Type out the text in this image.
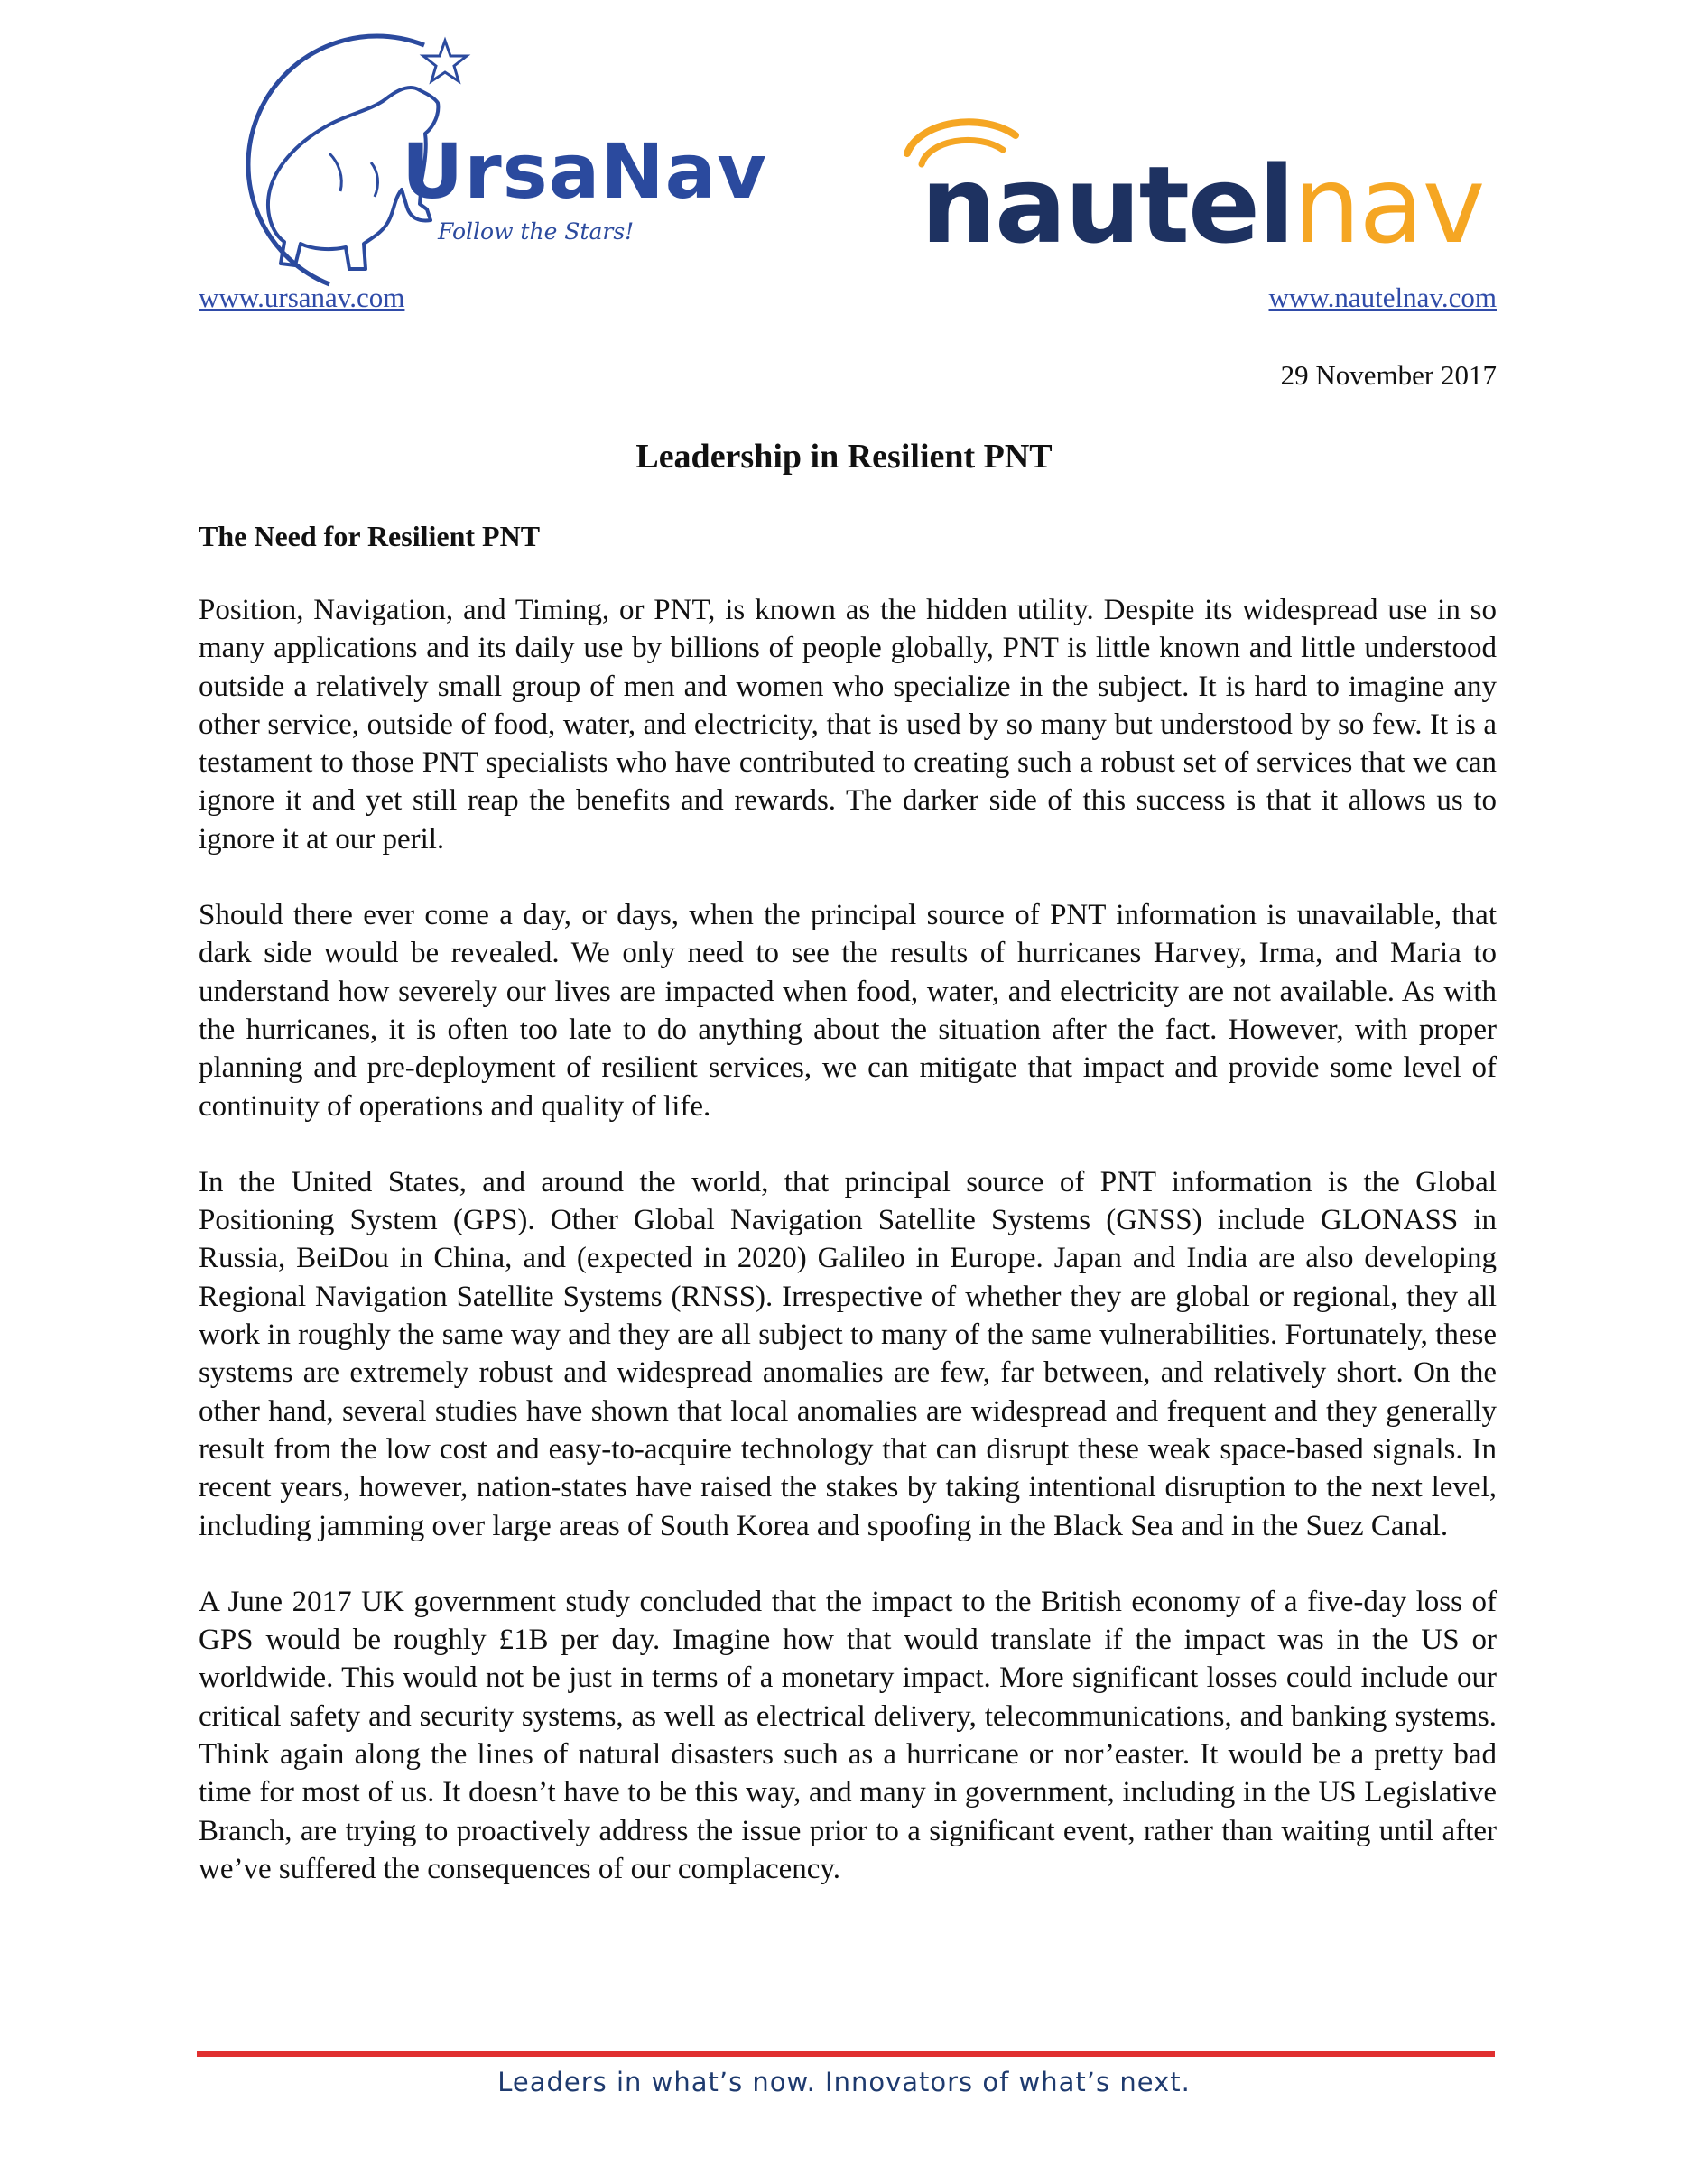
UrsaNav
Follow the Stars!	nautelnav
www.ursanav.com	www.nautelnav.com
29 November 2017
Leadership in Resilient PNT
The Need for Resilient PNT

Position, Navigation, and Timing, or PNT, is known as the hidden utility. Despite its widespread use in so many applications and its daily use by billions of people globally, PNT is little known and little understood outside a relatively small group of men and women who specialize in the subject. It is hard to imagine any other service, outside of food, water, and electricity, that is used by so many but understood by so few. It is a testament to those PNT specialists who have contributed to creating such a robust set of services that we can ignore it and yet still reap the benefits and rewards. The darker side of this success is that it allows us to ignore it at our peril.

Should there ever come a day, or days, when the principal source of PNT information is unavailable, that dark side would be revealed. We only need to see the results of hurricanes Harvey, Irma, and Maria to understand how severely our lives are impacted when food, water, and electricity are not available. As with the hurricanes, it is often too late to do anything about the situation after the fact. However, with proper planning and pre-deployment of resilient services, we can mitigate that impact and provide some level of continuity of operations and quality of life.

In the United States, and around the world, that principal source of PNT information is the Global Positioning System (GPS). Other Global Navigation Satellite Systems (GNSS) include GLONASS in Russia, BeiDou in China, and (expected in 2020) Galileo in Europe. Japan and India are also developing Regional Navigation Satellite Systems (RNSS). Irrespective of whether they are global or regional, they all work in roughly the same way and they are all subject to many of the same vulnerabilities. Fortunately, these systems are extremely robust and widespread anomalies are few, far between, and relatively short. On the other hand, several studies have shown that local anomalies are widespread and frequent and they generally result from the low cost and easy-to-acquire technology that can disrupt these weak space-based signals. In recent years, however, nation-states have raised the stakes by taking intentional disruption to the next level, including jamming over large areas of South Korea and spoofing in the Black Sea and in the Suez Canal.

A June 2017 UK government study concluded that the impact to the British economy of a five-day loss of GPS would be roughly £1B per day. Imagine how that would translate if the impact was in the US or worldwide. This would not be just in terms of a monetary impact. More significant losses could include our critical safety and security systems, as well as electrical delivery, telecommunications, and banking systems. Think again along the lines of natural disasters such as a hurricane or nor’easter. It would be a pretty bad time for most of us. It doesn’t have to be this way, and many in government, including in the US Legislative Branch, are trying to proactively address the issue prior to a significant event, rather than waiting until after we’ve suffered the consequences of our complacency.

Leaders in what’s now. Innovators of what’s next.
